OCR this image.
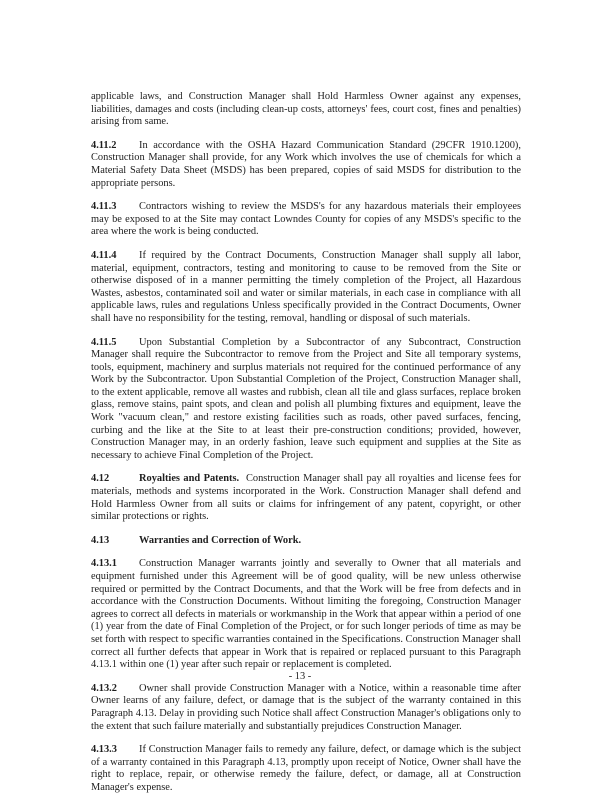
applicable laws, and Construction Manager shall Hold Harmless Owner against any expenses, liabilities, damages and costs (including clean-up costs, attorneys' fees, court cost, fines and penalties) arising from same.

4.11.2 In accordance with the OSHA Hazard Communication Standard (29CFR 1910.1200), Construction Manager shall provide, for any Work which involves the use of chemicals for which a Material Safety Data Sheet (MSDS) has been prepared, copies of said MSDS for distribution to the appropriate persons.

4.11.3 Contractors wishing to review the MSDS's for any hazardous materials their employees may be exposed to at the Site may contact Lowndes County for copies of any MSDS's specific to the area where the work is being conducted.

4.11.4 If required by the Contract Documents, Construction Manager shall supply all labor, material, equipment, contractors, testing and monitoring to cause to be removed from the Site or otherwise disposed of in a manner permitting the timely completion of the Project, all Hazardous Wastes, asbestos, contaminated soil and water or similar materials, in each case in compliance with all applicable laws, rules and regulations Unless specifically provided in the Contract Documents, Owner shall have no responsibility for the testing, removal, handling or disposal of such materials.

4.11.5 Upon Substantial Completion by a Subcontractor of any Subcontract, Construction Manager shall require the Subcontractor to remove from the Project and Site all temporary systems, tools, equipment, machinery and surplus materials not required for the continued performance of any Work by the Subcontractor. Upon Substantial Completion of the Project, Construction Manager shall, to the extent applicable, remove all wastes and rubbish, clean all tile and glass surfaces, replace broken glass, remove stains, paint spots, and clean and polish all plumbing fixtures and equipment, leave the Work "vacuum clean," and restore existing facilities such as roads, other paved surfaces, fencing, curbing and the like at the Site to at least their pre-construction conditions; provided, however, Construction Manager may, in an orderly fashion, leave such equipment and supplies at the Site as necessary to achieve Final Completion of the Project.

4.12	Royalties and Patents. Construction Manager shall pay all royalties and license fees for materials, methods and systems incorporated in the Work. Construction Manager shall defend and Hold Harmless Owner from all suits or claims for infringement of any patent, copyright, or other similar protections or rights.

4.13	Warranties and Correction of Work.

4.13.1 Construction Manager warrants jointly and severally to Owner that all materials and equipment furnished under this Agreement will be of good quality, will be new unless otherwise required or permitted by the Contract Documents, and that the Work will be free from defects and in accordance with the Construction Documents. Without limiting the foregoing, Construction Manager agrees to correct all defects in materials or workmanship in the Work that appear within a period of one (1) year from the date of Final Completion of the Project, or for such longer periods of time as may be set forth with respect to specific warranties contained in the Specifications. Construction Manager shall correct all further defects that appear in Work that is repaired or replaced pursuant to this Paragraph 4.13.1 within one (1) year after such repair or replacement is completed.

4.13.2 Owner shall provide Construction Manager with a Notice, within a reasonable time after Owner learns of any failure, defect, or damage that is the subject of the warranty contained in this Paragraph 4.13. Delay in providing such Notice shall affect Construction Manager's obligations only to the extent that such failure materially and substantially prejudices Construction Manager.

4.13.3 If Construction Manager fails to remedy any failure, defect, or damage which is the subject of a warranty contained in this Paragraph 4.13, promptly upon receipt of Notice, Owner shall have the right to replace, repair, or otherwise remedy the failure, defect, or damage, all at Construction Manager's expense.

- 13 -
